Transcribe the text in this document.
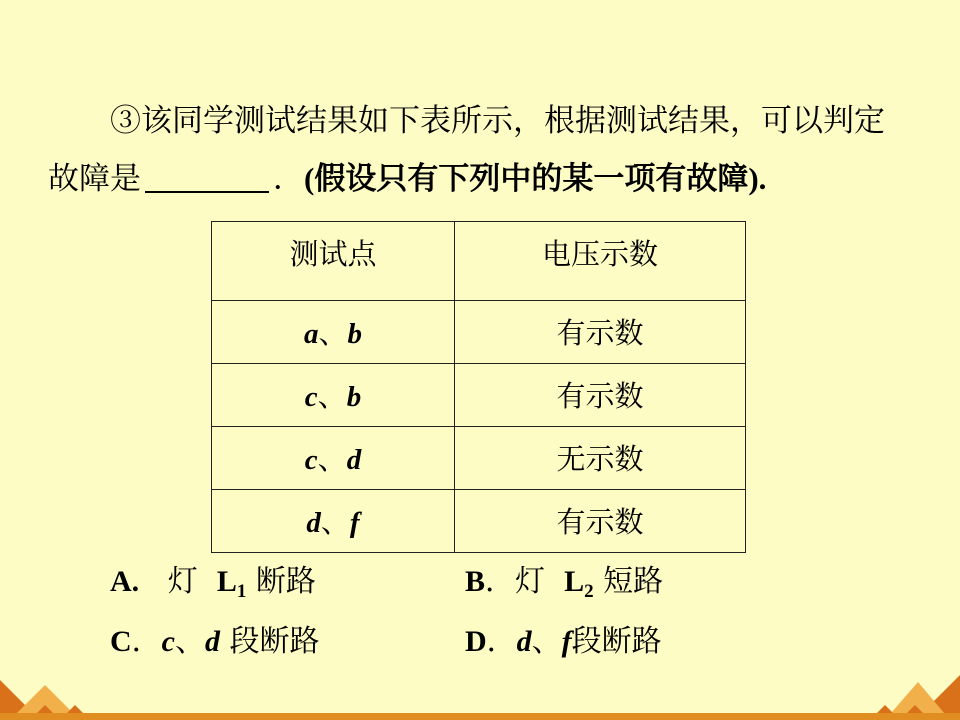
③该同学测试结果如下表所示，根据测试结果，可以判定

故障是	．(假设只有下列中的某一项有故障).

测试点	电压示数
a、b	有示数
c、b	有示数
c、d	无示数
d、f	有示数
A. 灯 $L_1$ 断路	B．灯 $L_2$ 短路
C．c、d 段断路	D．d、f段断路
